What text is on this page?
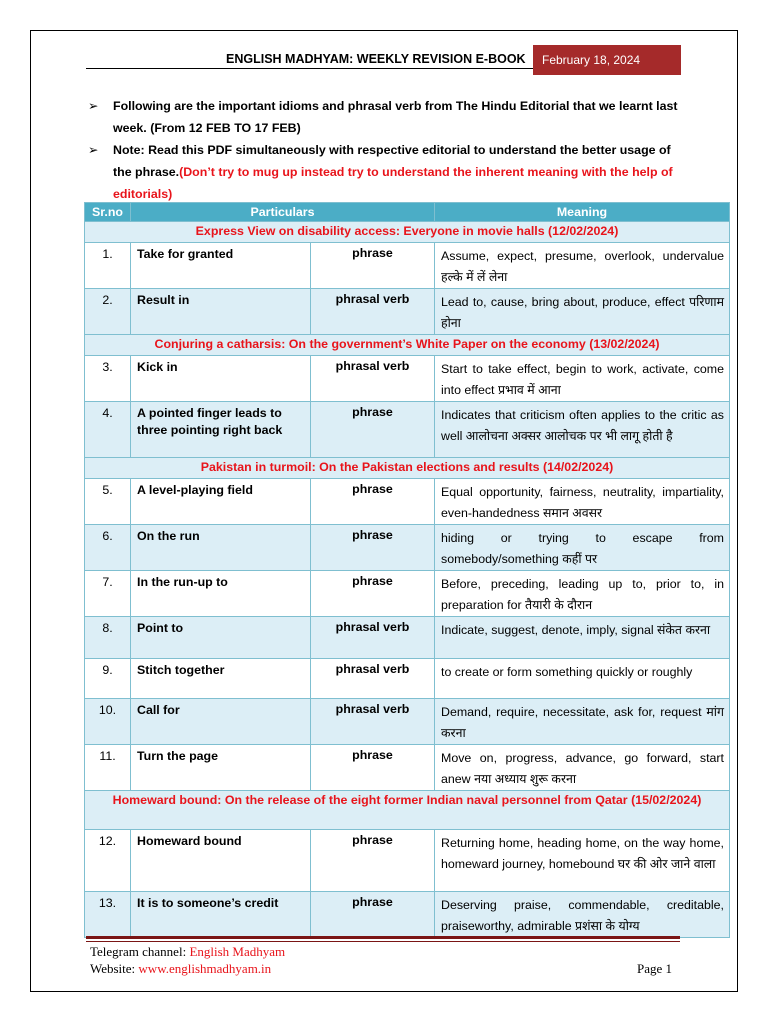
ENGLISH MADHYAM: WEEKLY REVISION E-BOOK	February 18, 2024
➢ Following are the important idioms and phrasal verb from The Hindu Editorial that we learnt last week. (From 12 FEB TO 17 FEB)
➢ Note: Read this PDF simultaneously with respective editorial to understand the better usage of the phrase.(Don’t try to mug up instead try to understand the inherent meaning with the help of editorials)
Sr.no	Particulars		Meaning
Express View on disability access: Everyone in movie halls (12/02/2024)			
1.	Take for granted	phrase	Assume, expect, presume, overlook, undervalue हल्के में लें लेना
2.	Result in	phrasal verb	Lead to, cause, bring about, produce, effect परिणाम होना
Conjuring a catharsis: On the government’s White Paper on the economy (13/02/2024)			
3.	Kick in	phrasal verb	Start to take effect, begin to work, activate, come into effect प्रभाव में आना
4.	A pointed finger leads to three pointing right back	phrase	Indicates that criticism often applies to the critic as well आलोचना अक्सर आलोचक पर भी लागू होती है
Pakistan in turmoil: On the Pakistan elections and results (14/02/2024)			
5.	A level-playing field	phrase	Equal opportunity, fairness, neutrality, impartiality, even-handedness समान अवसर
6.	On the run	phrase	hiding or trying to escape from somebody/something कहीं पर
7.	In the run-up to	phrase	Before, preceding, leading up to, prior to, in preparation for तैयारी के दौरान
8.	Point to	phrasal verb	Indicate, suggest, denote, imply, signal संकेत करना
9.	Stitch together	phrasal verb	to create or form something quickly or roughly
10.	Call for	phrasal verb	Demand, require, necessitate, ask for, request मांग करना
11.	Turn the page	phrase	Move on, progress, advance, go forward, start anew नया अध्याय शुरू करना
Homeward bound: On the release of the eight former Indian naval personnel from Qatar (15/02/2024)			
12.	Homeward bound	phrase	Returning home, heading home, on the way home, homeward journey, homebound घर की ओर जाने वाला
13.	It is to someone’s credit	phrase	Deserving praise, commendable, creditable, praiseworthy, admirable प्रशंसा के योग्य
Telegram channel: English Madhyam
Website: www.englishmadhyam.in	Page 1
